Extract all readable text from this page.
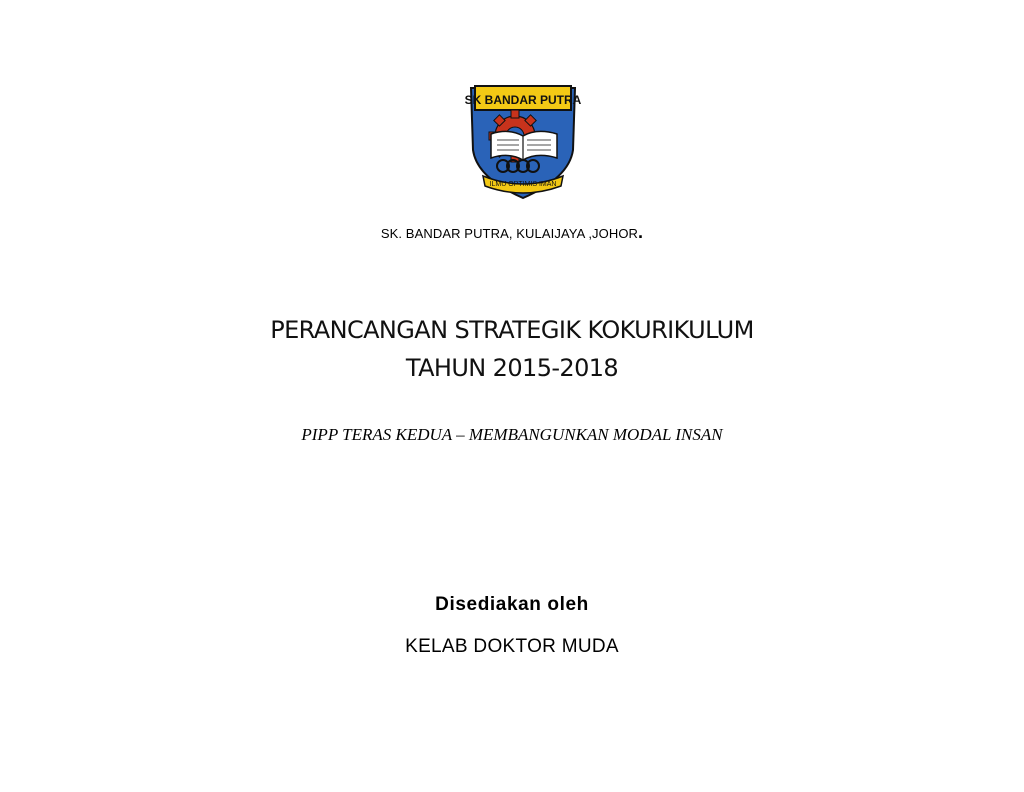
SK BANDAR PUTRA
ILMU OPTIMIS IMAN
SK. BANDAR PUTRA, KULAIJAYA ,JOHOR.
PERANCANGAN STRATEGIK KOKURIKULUM
TAHUN 2015-2018
PIPP TERAS KEDUA – MEMBANGUNKAN MODAL INSAN
Disediakan oleh
KELAB DOKTOR MUDA
